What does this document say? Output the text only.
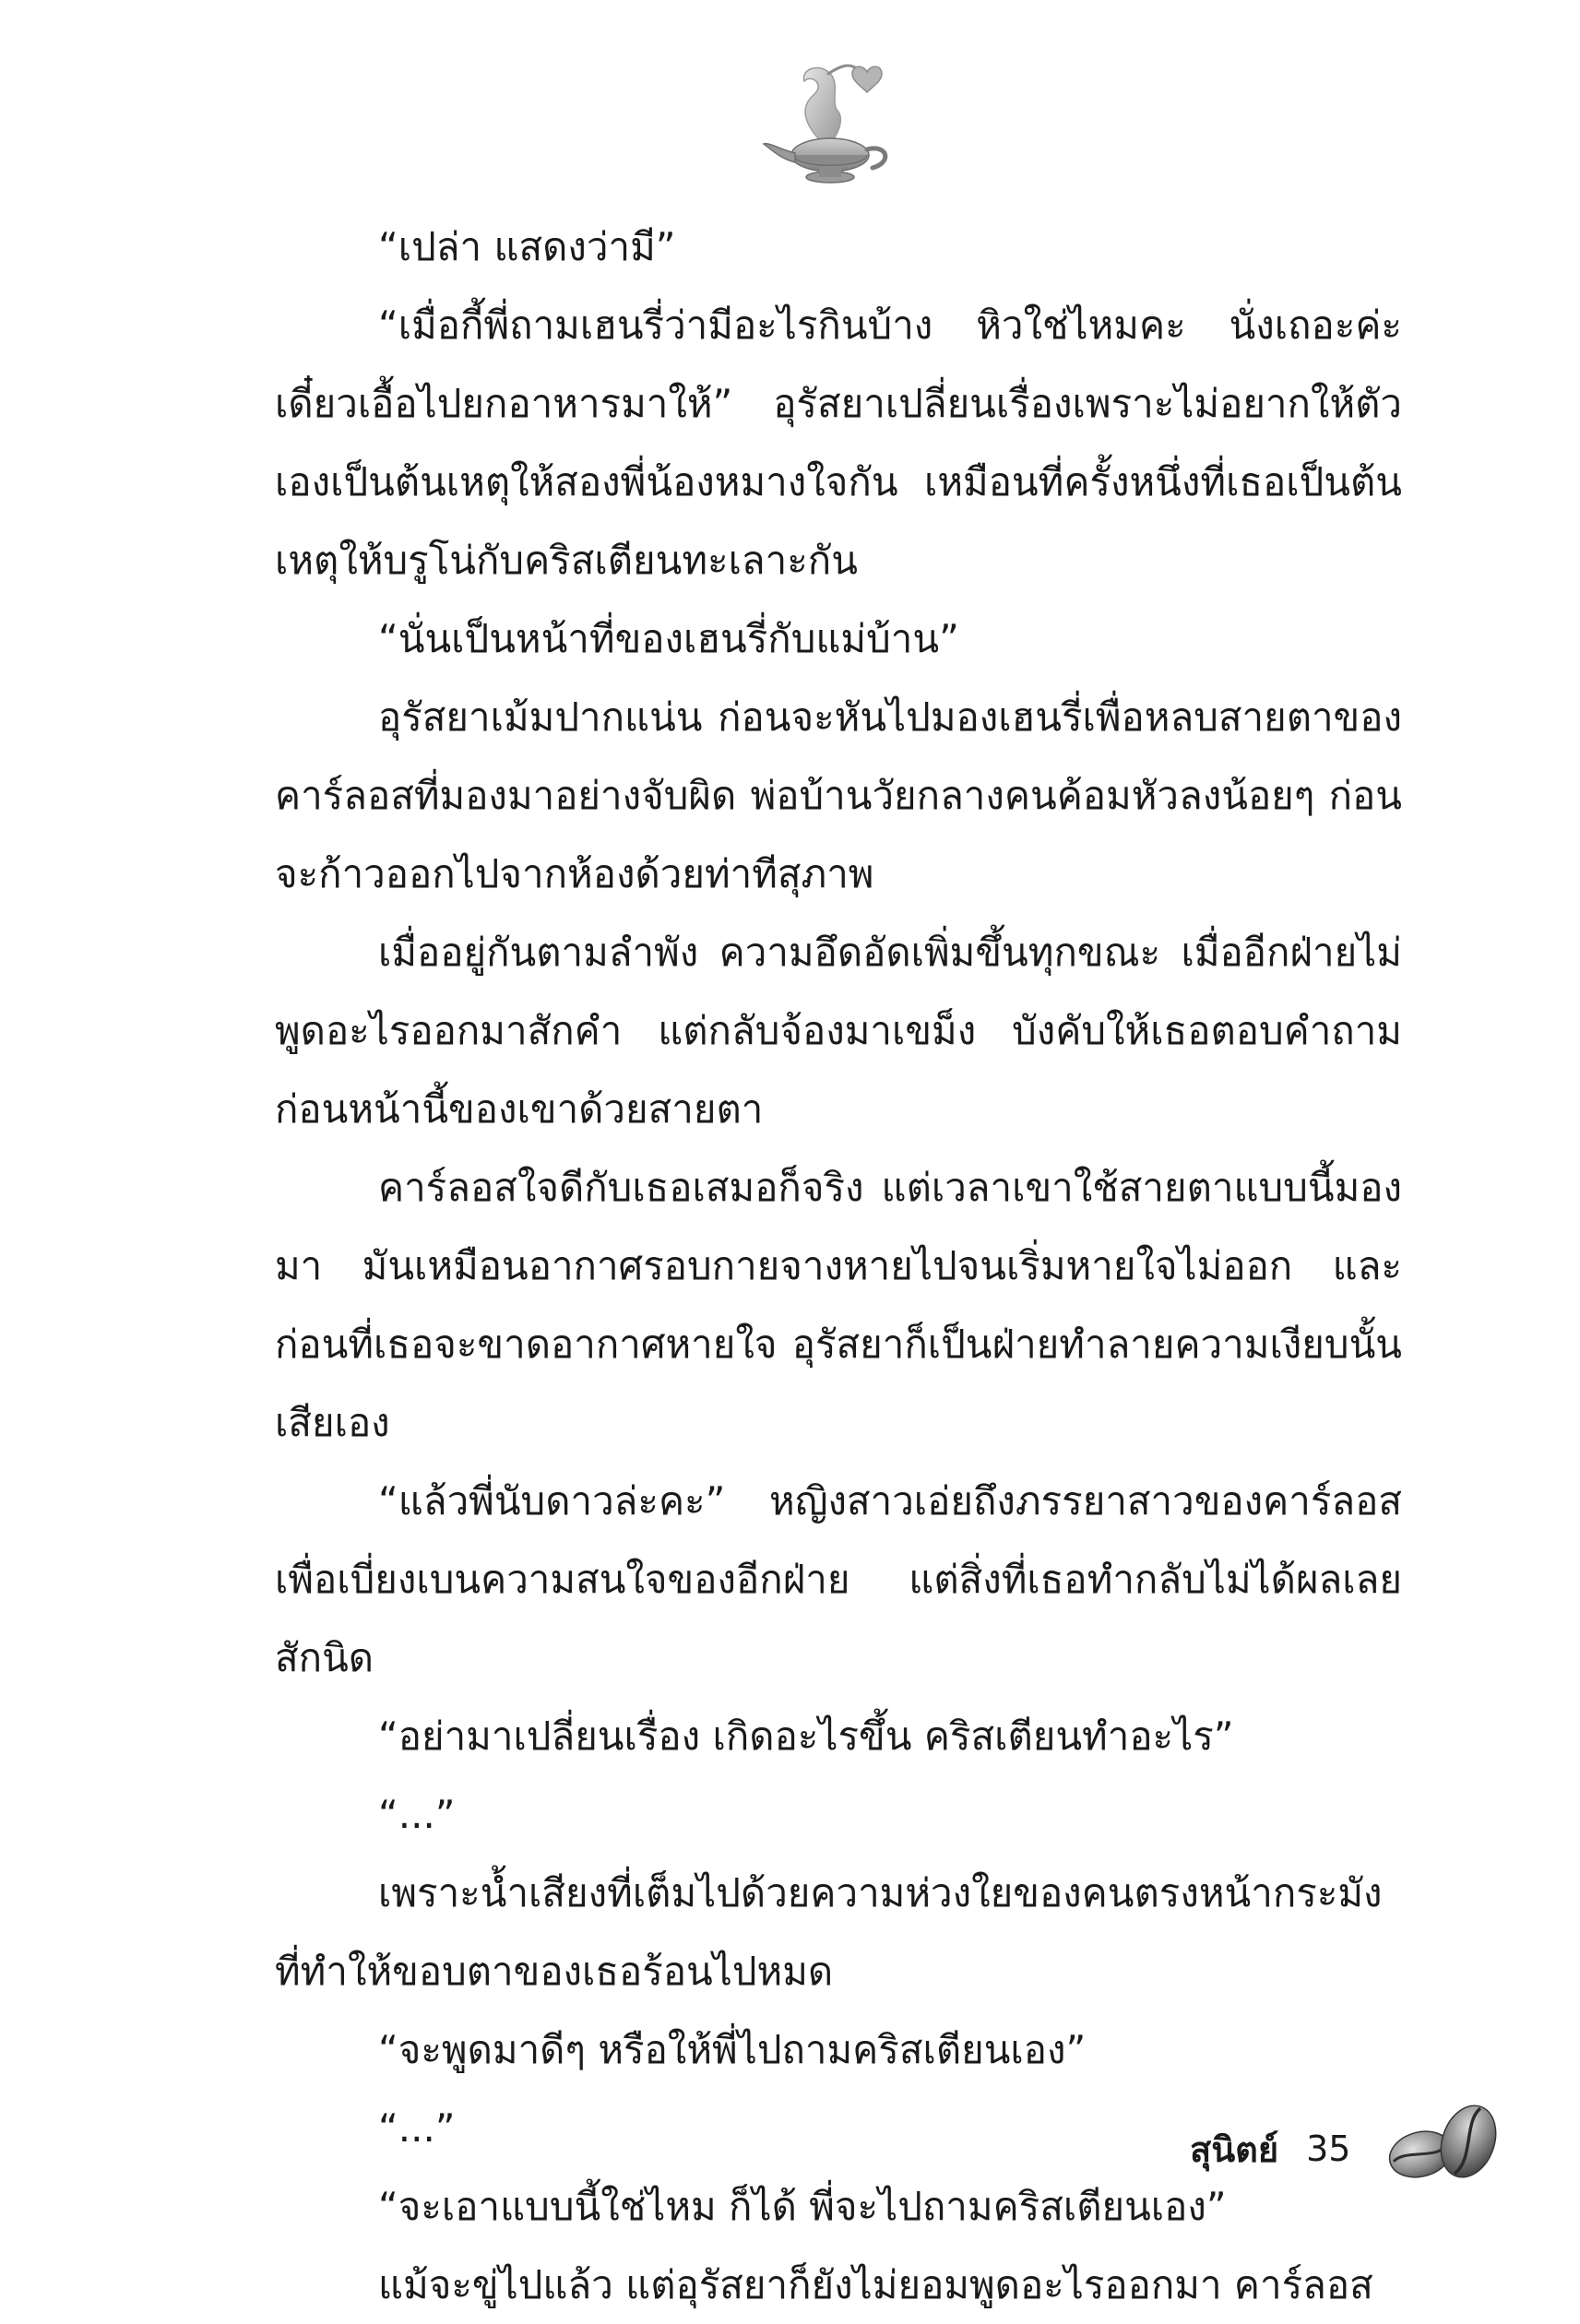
“เปล่า แสดงว่ามี”

“เมื่อกี้พี่ถามเฮนรี่ว่ามีอะไรกินบ้าง หิวใช่ไหมคะ นั่งเถอะค่ะ เดี๋ยวเอื้อไปยกอาหารมาให้” อุรัสยาเปลี่ยนเรื่องเพราะไม่อยากให้ตัวเองเป็นต้นเหตุให้สองพี่น้องหมางใจกัน เหมือนที่ครั้งหนึ่งที่เธอเป็นต้นเหตุให้บรูโน่กับคริสเตียนทะเลาะกัน

“นั่นเป็นหน้าที่ของเฮนรี่กับแม่บ้าน”

อุรัสยาเม้มปากแน่น ก่อนจะหันไปมองเฮนรี่เพื่อหลบสายตาของคาร์ลอสที่มองมาอย่างจับผิด พ่อบ้านวัยกลางคนค้อมหัวลงน้อยๆ ก่อนจะก้าวออกไปจากห้องด้วยท่าทีสุภาพ

เมื่ออยู่กันตามลำพัง ความอึดอัดเพิ่มขึ้นทุกขณะ เมื่ออีกฝ่ายไม่พูดอะไรออกมาสักคำ แต่กลับจ้องมาเขม็ง บังคับให้เธอตอบคำถามก่อนหน้านี้ของเขาด้วยสายตา

คาร์ลอสใจดีกับเธอเสมอก็จริง แต่เวลาเขาใช้สายตาแบบนี้มองมา มันเหมือนอากาศรอบกายจางหายไปจนเริ่มหายใจไม่ออก และก่อนที่เธอจะขาดอากาศหายใจ อุรัสยาก็เป็นฝ่ายทำลายความเงียบนั้นเสียเอง

“แล้วพี่นับดาวล่ะคะ” หญิงสาวเอ่ยถึงภรรยาสาวของคาร์ลอสเพื่อเบี่ยงเบนความสนใจของอีกฝ่าย แต่สิ่งที่เธอทำกลับไม่ได้ผลเลยสักนิด

“อย่ามาเปลี่ยนเรื่อง เกิดอะไรขึ้น คริสเตียนทำอะไร”

“...”

เพราะน้ำเสียงที่เต็มไปด้วยความห่วงใยของคนตรงหน้ากระมังที่ทำให้ขอบตาของเธอร้อนไปหมด

“จะพูดมาดีๆ หรือให้พี่ไปถามคริสเตียนเอง”

“...”

“จะเอาแบบนี้ใช่ไหม ก็ได้ พี่จะไปถามคริสเตียนเอง”

แม้จะขู่ไปแล้ว แต่อุรัสยาก็ยังไม่ยอมพูดอะไรออกมา คาร์ลอส

สุนิตย์ 35
